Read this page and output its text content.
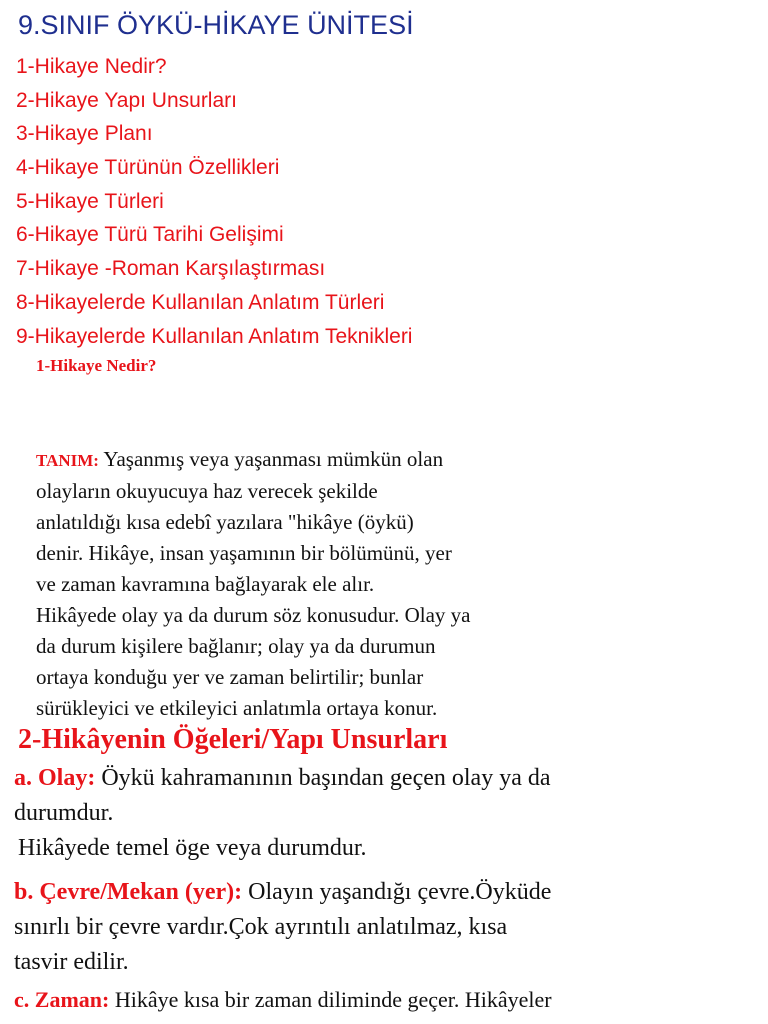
9.SINIF ÖYKÜ-HİKAYE ÜNİTESİ
1-Hikaye Nedir?
2-Hikaye Yapı Unsurları
3-Hikaye Planı
4-Hikaye Türünün Özellikleri
5-Hikaye Türleri
6-Hikaye Türü Tarihi Gelişimi
7-Hikaye -Roman Karşılaştırması
8-Hikayelerde Kullanılan Anlatım Türleri
9-Hikayelerde Kullanılan Anlatım Teknikleri
1-Hikaye Nedir?

TANIM: Yaşanmış veya yaşanması mümkün olan
olayların okuyucuya haz verecek şekilde
anlatıldığı kısa edebî yazılara "hikâye (öykü)
denir. Hikâye, insan yaşamının bir bölümünü, yer
ve zaman kavramına bağlayarak ele alır.
Hikâyede olay ya da durum söz konusudur. Olay ya
da durum kişilere bağlanır; olay ya da durumun
ortaya konduğu yer ve zaman belirtilir; bunlar
sürükleyici ve etkileyici anlatımla ortaya konur.

2-Hikâyenin Öğeleri/Yapı Unsurları

a. Olay: Öykü kahramanının başından geçen olay ya da
durumdur.
Hikâyede temel öge veya durumdur.

b. Çevre/Mekan (yer): Olayın yaşandığı çevre.Öyküde
sınırlı bir çevre vardır.Çok ayrıntılı anlatılmaz, kısa
tasvir edilir.

c. Zaman: Hikâye kısa bir zaman diliminde geçer. Hikâyeler
